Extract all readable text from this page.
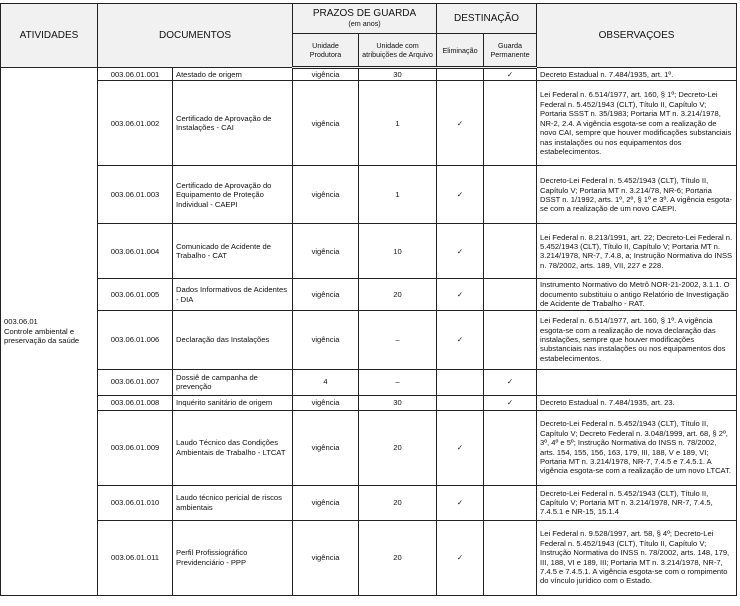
ATIVIDADES	DOCUMENTOS		PRAZOS DE GUARDA
(em anos)		DESTINAÇÃO		OBSERVAÇOES
			Unidade Produtora	Unidade com atribuições de Arquivo	Eliminação	Guarda Permanente	
003.06.01
Controle ambiental e preservação da saúde	003.06.01.001	Atestado de origem	vigência	30		✓	Decreto Estadual n. 7.484/1935, art. 1º.
	003.06.01.002	Certificado de Aprovação de Instalações - CAI	vigência	1	✓		Lei Federal n. 6.514/1977, art. 160, § 1º; Decreto-Lei Federal n. 5.452/1943 (CLT), Título II, Capítulo V; Portaria SSST n. 35/1983; Portaria MT n. 3.214/1978, NR-2, 2.4. A vigência esgota-se com a realização de novo CAI, sempre que houver modificações substanciais nas instalações ou nos equipamentos dos estabelecimentos.
	003.06.01.003	Certificado de Aprovação do Equipamento de Proteção Individual - CAEPI	vigência	1	✓		Decreto-Lei Federal n. 5.452/1943 (CLT), Título II, Capítulo V; Portaria MT n. 3.214/78, NR-6; Portaria DSST n. 1/1992, arts. 1º, 2º, § 1º e 3º. A vigência esgota-se com a realização de um novo CAEPI.
	003.06.01.004	Comunicado de Acidente de Trabalho - CAT	vigência	10	✓		Lei Federal n. 8.213/1991, art. 22; Decreto-Lei Federal n. 5.452/1943 (CLT), Título II, Capítulo V; Portaria MT n. 3.214/1978, NR-7, 7.4.8, a; Instrução Normativa do INSS n. 78/2002, arts. 189, VII, 227 e 228.
	003.06.01.005	Dados Informativos de Acidentes - DIA	vigência	20	✓		Instrumento Normativo do Metrô NOR-21-2002, 3.1.1. O documento substituiu o antigo Relatório de Investigação de Acidente de Trabalho - RAT.
	003.06.01.006	Declaração das Instalações	vigência	–	✓		Lei Federal n. 6.514/1977, art. 160, § 1º. A vigência esgota-se com a realização de nova declaração das instalações, sempre que houver modificações substanciais nas instalações ou nos equipamentos dos estabelecimentos.
	003.06.01.007	Dossiê de campanha de prevenção	4	–		✓	
	003.06.01.008	Inquérito sanitário de origem	vigência	30		✓	Decreto Estadual n. 7.484/1935, art. 23.
	003.06.01.009	Laudo Técnico das Condições Ambientais de Trabalho - LTCAT	vigência	20	✓		Decreto-Lei Federal n. 5.452/1943 (CLT), Título II, Capítulo V; Decreto Federal n. 3.048/1999, art. 68, § 2º, 3º, 4º e 5º; Instrução Normativa do INSS n. 78/2002, arts. 154, 155, 156, 163, 179, III, 188, V e 189, VI; Portaria MT n. 3.214/1978, NR-7, 7.4.5 e 7.4.5.1. A vigência esgota-se com a realização de um novo LTCAT.
	003.06.01.010	Laudo técnico pericial de riscos ambientais	vigência	20	✓		Decreto-Lei Federal n. 5.452/1943 (CLT), Título II, Capítulo V; Portaria MT n. 3.214/1978, NR-7, 7.4.5, 7.4.5.1 e NR-15, 15.1.4
	003.06.01.011	Perfil Profissiográfico Previdenciário - PPP	vigência	20	✓		Lei Federal n. 9.528/1997, art. 58, § 4º; Decreto-Lei Federal n. 5.452/1943 (CLT), Título II, Capítulo V; Instrução Normativa do INSS n. 78/2002, arts. 148, 179, III, 188, VI e 189, III; Portaria MT n. 3.214/1978, NR-7, 7.4.5 e 7.4.5.1. A vigência esgota-se com o rompimento do vínculo jurídico com o Estado.
